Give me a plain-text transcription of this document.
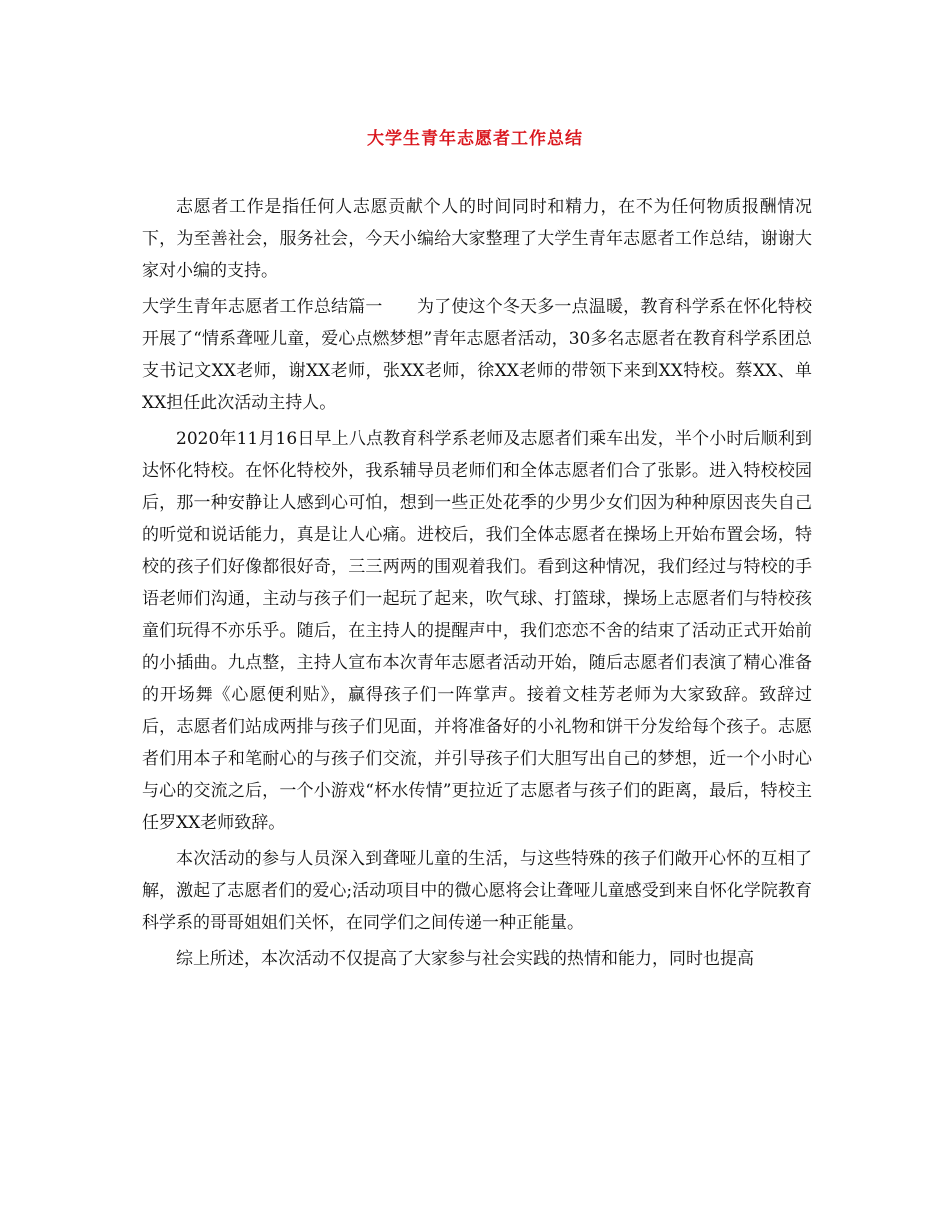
大学生青年志愿者工作总结

志愿者工作是指任何人志愿贡献个人的时间同时和精力，在不为任何物质报酬情况下，为至善社会，服务社会，今天小编给大家整理了大学生青年志愿者工作总结，谢谢大家对小编的支持。

大学生青年志愿者工作总结篇一　　为了使这个冬天多一点温暖，教育科学系在怀化特校开展了“情系聋哑儿童，爱心点燃梦想”青年志愿者活动，30多名志愿者在教育科学系团总支书记文XX老师，谢XX老师，张XX老师，徐XX老师的带领下来到XX特校。蔡XX、单XX担任此次活动主持人。

2020年11月16日早上八点教育科学系老师及志愿者们乘车出发，半个小时后顺利到达怀化特校。在怀化特校外，我系辅导员老师们和全体志愿者们合了张影。进入特校校园后，那一种安静让人感到心可怕，想到一些正处花季的少男少女们因为种种原因丧失自己的听觉和说话能力，真是让人心痛。进校后，我们全体志愿者在操场上开始布置会场，特校的孩子们好像都很好奇，三三两两的围观着我们。看到这种情况，我们经过与特校的手语老师们沟通，主动与孩子们一起玩了起来，吹气球、打篮球，操场上志愿者们与特校孩童们玩得不亦乐乎。随后，在主持人的提醒声中，我们恋恋不舍的结束了活动正式开始前的小插曲。九点整，主持人宣布本次青年志愿者活动开始，随后志愿者们表演了精心准备的开场舞《心愿便利贴》，赢得孩子们一阵掌声。接着文桂芳老师为大家致辞。致辞过后，志愿者们站成两排与孩子们见面，并将准备好的小礼物和饼干分发给每个孩子。志愿者们用本子和笔耐心的与孩子们交流，并引导孩子们大胆写出自己的梦想，近一个小时心与心的交流之后，一个小游戏“杯水传情”更拉近了志愿者与孩子们的距离，最后，特校主任罗XX老师致辞。

本次活动的参与人员深入到聋哑儿童的生活，与这些特殊的孩子们敞开心怀的互相了解，激起了志愿者们的爱心;活动项目中的微心愿将会让聋哑儿童感受到来自怀化学院教育科学系的哥哥姐姐们关怀，在同学们之间传递一种正能量。

综上所述，本次活动不仅提高了大家参与社会实践的热情和能力，同时也提高
